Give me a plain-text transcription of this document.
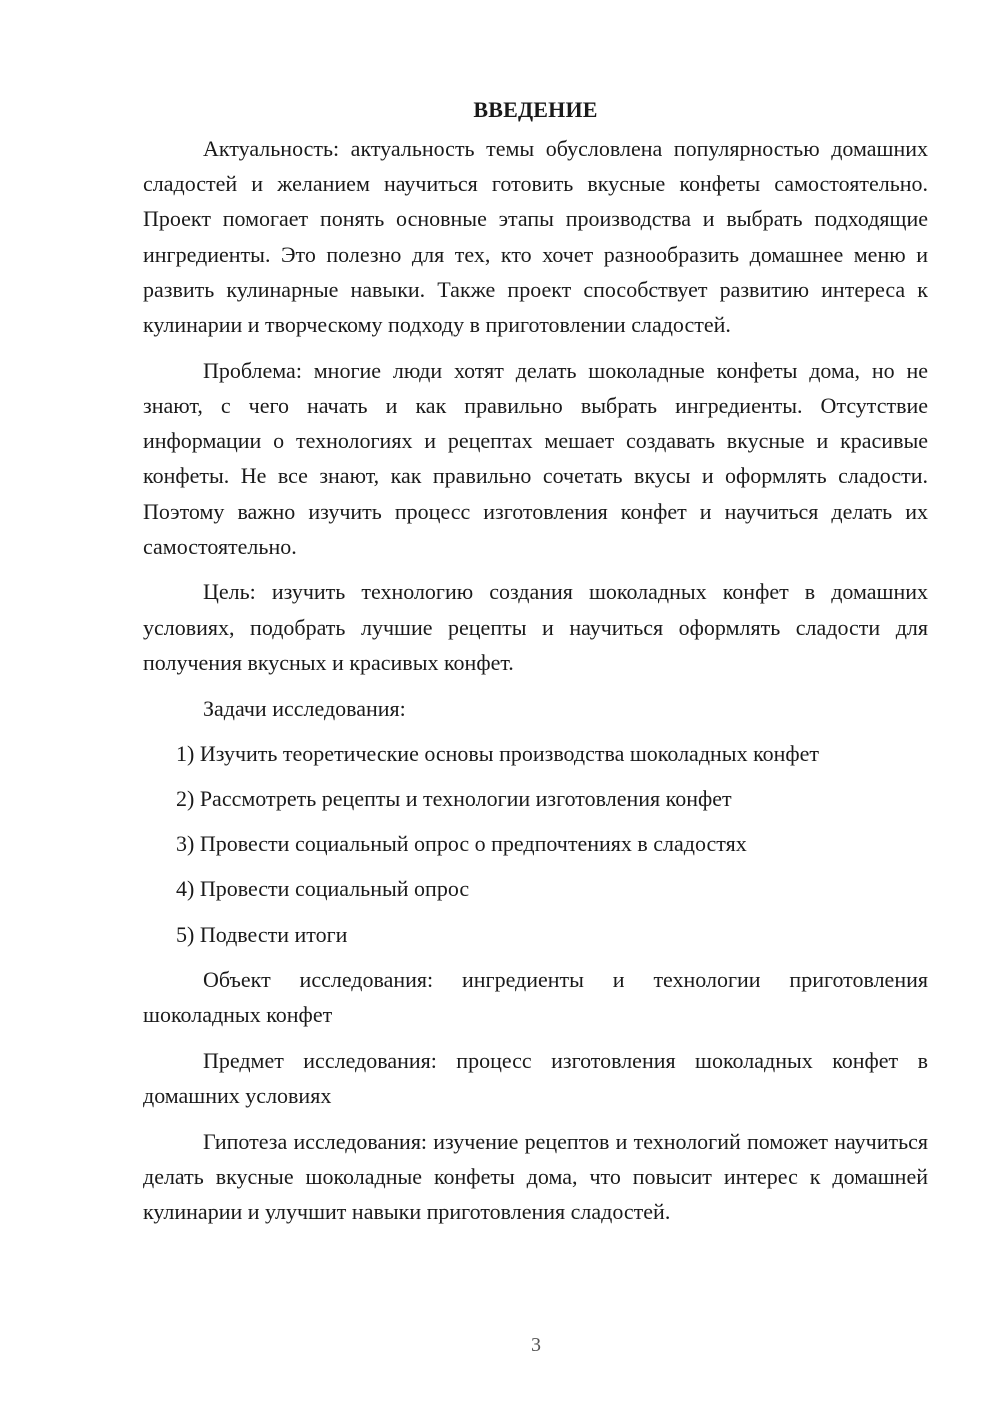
ВВЕДЕНИЕ

Актуальность: актуальность темы обусловлена популярностью домашних сладостей и желанием научиться готовить вкусные конфеты самостоятельно. Проект помогает понять основные этапы производства и выбрать подходящие ингредиенты. Это полезно для тех, кто хочет разнообразить домашнее меню и развить кулинарные навыки. Также проект способствует развитию интереса к кулинарии и творческому подходу в приготовлении сладостей.

Проблема: многие люди хотят делать шоколадные конфеты дома, но не знают, с чего начать и как правильно выбрать ингредиенты. Отсутствие информации о технологиях и рецептах мешает создавать вкусные и красивые конфеты. Не все знают, как правильно сочетать вкусы и оформлять сладости. Поэтому важно изучить процесс изготовления конфет и научиться делать их самостоятельно.

Цель: изучить технологию создания шоколадных конфет в домашних условиях, подобрать лучшие рецепты и научиться оформлять сладости для получения вкусных и красивых конфет.

Задачи исследования:

1) Изучить теоретические основы производства шоколадных конфет

2) Рассмотреть рецепты и технологии изготовления конфет

3) Провести социальный опрос о предпочтениях в сладостях

4) Провести социальный опрос

5) Подвести итоги

Объект исследования: ингредиенты и технологии приготовления шоколадных конфет

Предмет исследования: процесс изготовления шоколадных конфет в домашних условиях

Гипотеза исследования: изучение рецептов и технологий поможет научиться делать вкусные шоколадные конфеты дома, что повысит интерес к домашней кулинарии и улучшит навыки приготовления сладостей.

3
